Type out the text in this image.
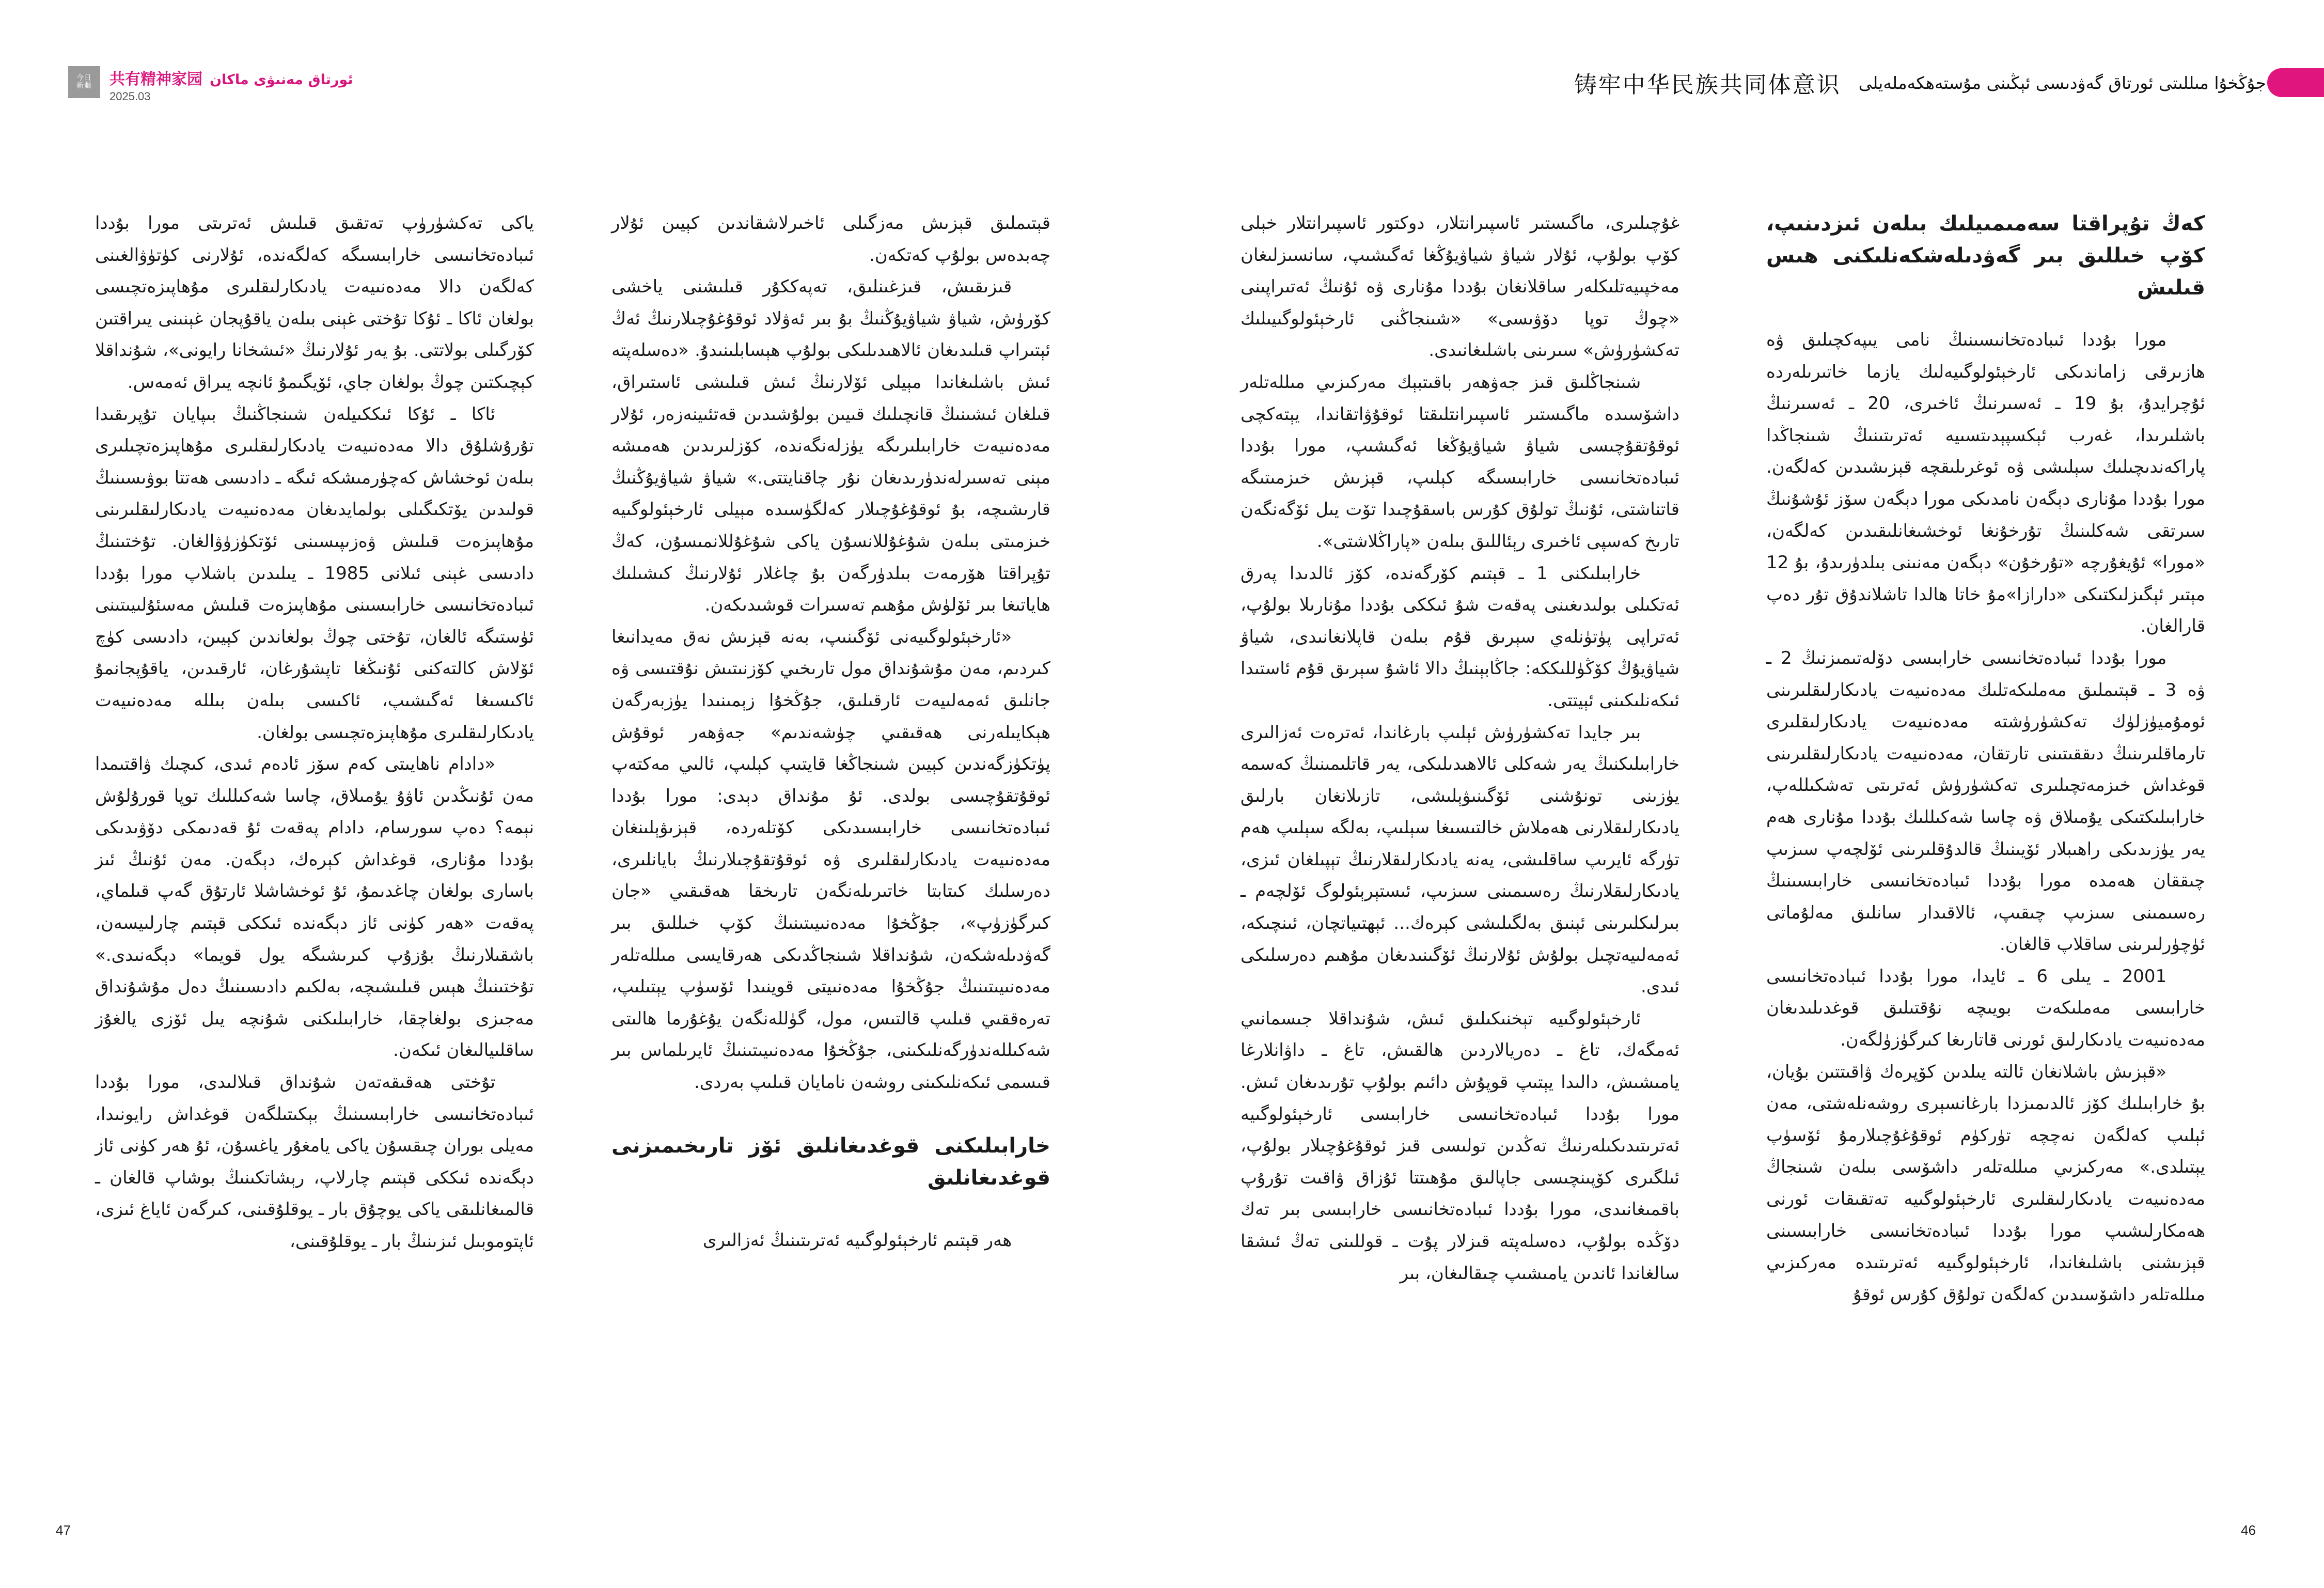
今日
新疆 共有精神家园 ئورتاق مەنىۋى ماكان
2025.03	铸牢中华民族共同体意识 جۇڭخۇا مىللىتى ئورتاق گەۋدىسى ئېڭىنى مۇستەھكەملەيلى
كەڭ تۇپراقتا سەمىمىيلىك بىلەن ئىزدىنىپ، كۆپ خىللىق بىر گەۋدىلەشكەنلىكنى ھىس قىلىش

مورا بۇددا ئىبادەتخانىسىنىڭ نامى يىپەكچىلىق ۋە ھازىرقى زاماندىكى ئارخېئولوگىيەلىك يازما خاتىرىلەردە ئۇچرايدۇ، بۇ 19 ـ ئەسىرنىڭ ئاخىرى، 20 ـ ئەسىرنىڭ باشلىرىدا، غەرب ئېكسپېدىتسىيە ئەترىتىنىڭ شىنجاڭدا پاراكەندىچىلىك سېلىشى ۋە ئوغرىلىقچە قېزىشىدىن كەلگەن. مورا بۇددا مۇنارى دېگەن نامدىكى مورا دېگەن سۆز ئۇشۇنىڭ سىرتقى شەكلىنىڭ تۇرخۇنغا ئوخشىغانلىقىدىن كەلگەن، «مورا» ئۇيغۇرچە «تۇرخۇن» دېگەن مەنىنى بىلدۈرىدۇ، بۇ 12 مېتىر ئېگىزلىكتىكى «دارازا»مۇ خاتا ھالدا تاشلاندۇق تۇر دەپ قارالغان.

مورا بۇددا ئىبادەتخانىسى خارابىسى دۆلەتىمىزنىڭ 2 ـ ۋە 3 ـ قېتىملىق مەملىكەتلىك مەدەنىيەت يادىكارلىقلىرىنى ئومۇميۈزلۈك تەكشۈرۈشتە مەدەنىيەت يادىكارلىقلىرى تارماقلىرىنىڭ دىققىتىنى تارتقان، مەدەنىيەت يادىكارلىقلىرىنى قوغداش خىزمەتچىلىرى تەكشۈرۈش ئەترىتى تەشكىللەپ، خارابىلىكتىكى يۇمىلاق ۋە چاسا شەكىللىك بۇددا مۇنارى ھەم يەر يۈزىدىكى راھىبلار ئۆيىنىڭ قالدۇقلىرىنى ئۆلچەپ سىزىپ چىققان ھەمدە مورا بۇددا ئىبادەتخانىسى خارابىسىنىڭ رەسىمىنى سىزىپ چىقىپ، ئالاقىدار سانلىق مەلۇماتى ئۈچۈرلىرىنى ساقلاپ قالغان.

2001 ـ يىلى 6 ـ ئايدا، مورا بۇددا ئىبادەتخانىسى خارابىسى مەملىكەت بويىچە نۇقتىلىق قوغدىلىدىغان مەدەنىيەت يادىكارلىق ئورنى قاتارىغا كىرگۈزۈلگەن.

«قېزىش باشلانغان ئالتە يىلدىن كۆپرەك ۋاقىتتىن بۇيان، بۇ خارابىلىك كۆز ئالدىمىزدا بارغانسېرى روشەنلەشتى، مەن ئېلىپ كەلگەن نەچچە تۈركۈم ئوقۇغۇچىلارمۇ ئۆسۈپ يېتىلدى.» مەركىزىي مىللەتلەر داشۆسى بىلەن شىنجاڭ مەدەنىيەت يادىكارلىقلىرى ئارخېئولوگىيە تەتقىقات ئورنى ھەمكارلىشىپ مورا بۇددا ئىبادەتخانىسى خارابىسىنى قېزىشنى باشلىغاندا، ئارخېئولوگىيە ئەترىتىدە مەركىزىي مىللەتلەر داشۆسىدىن كەلگەن تولۇق كۇرس ئوقۇ

غۇچىلىرى، ماگىستىر ئاسپىرانتلار، دوكتور ئاسپىرانتلار خېلى كۆپ بولۇپ، ئۇلار شياۋ شياۋيۇڭغا ئەگىشىپ، سانسىزلىغان مەخپىيەتلىكلەر ساقلانغان بۇددا مۇنارى ۋە ئۇنىڭ ئەتىراپىنى «چوڭ توپا دۆۋىسى» «شىنجاڭنى ئارخېئولوگىيىلىك تەكشۈرۈش» سىرىنى باشلىغانىدى.

شىنجاڭلىق قىز جەۋھەر باقىتبېك مەركىزىي مىللەتلەر داشۆسىدە ماگىستىر ئاسپىرانتلىقتا ئوقۇۋاتقاندا، يېتەكچى ئوقۇتقۇچىسى شياۋ شياۋيۇڭغا ئەگىشىپ، مورا بۇددا ئىبادەتخانىسى خارابىسىگە كېلىپ، قېزىش خىزمىتىگە قاتناشتى، ئۇنىڭ تولۇق كۇرس باسقۇچىدا تۆت يىل ئۆگەنگەن تارىخ كەسپى ئاخىرى رېئاللىق بىلەن «پاراڭلاشتى».

خارابىلىكنى 1 ـ قېتىم كۆرگەندە، كۆز ئالدىدا پەرق ئەتكىلى بولىدىغىنى پەقەت شۇ ئىككى بۇددا مۇنارىلا بولۇپ، ئەتراپى پۈتۈنلەي سېرىق قۇم بىلەن قاپلانغانىدى، شياۋ شياۋيۇڭ كۆڭۈللىككە: جاڭابېنىڭ دالا ئاشۇ سېرىق قۇم ئاستىدا ئىكەنلىكىنى ئېيتتى.

بىر جايدا تەكشۈرۈش ئېلىپ بارغاندا، ئەترەت ئەزالىرى خارابىلىكنىڭ يەر شەكلى ئالاھىدىلىكى، يەر قاتلىمىنىڭ كەسمە يۈزىنى تونۇشنى ئۆگىنىۋېلىشى، تازىلانغان بارلىق يادىكارلىقلارنى ھەملاش خالتىسىغا سېلىپ، بەلگە سېلىپ ھەم تۈرگە ئايرىپ ساقلىشى، يەنە يادىكارلىقلارنىڭ تېپىلغان ئىزى، يادىكارلىقلارنىڭ رەسىمىنى سىزىپ، ئىستېرېئولوگ ئۆلچەم ـ بىرلىكلىرىنى ئېنىق بەلگىلىشى كېرەك... ئېھتىياتچان، ئىنچىكە، ئەمەلىيەتچىل بولۇش ئۇلارنىڭ ئۆگىنىدىغان مۇھىم دەرسلىكى ئىدى.

ئارخېئولوگىيە تېخنىكىلىق ئىش، شۇنداقلا جىسمانىي ئەمگەك، تاغ ـ دەريالاردىن ھالقىش، تاغ ـ داۋانلارغا يامىشىش، دالىدا يېتىپ قوپۇش دائىم بولۇپ تۇرىدىغان ئىش. مورا بۇددا ئىبادەتخانىسى خارابىسى ئارخېئولوگىيە ئەترىتىدىكىلەرنىڭ تەڭدىن تولىسى قىز ئوقۇغۇچىلار بولۇپ، ئىلگىرى كۆپىنچىسى جاپالىق مۇھىتتا ئۇزاق ۋاقىت تۇرۇپ باقمىغانىدى، مورا بۇددا ئىبادەتخانىسى خارابىسى بىر تەك دۆڭدە بولۇپ، دەسلەپتە قىزلار پۇت ـ قوللىنى تەڭ ئىشقا سالغاندا ئاندىن يامىشىپ چىقالىغان، بىر

قېتىملىق قېزىش مەزگىلى ئاخىرلاشقاندىن كېيىن ئۇلار چەبدەس بولۇپ كەتكەن.

قىزىقىش، قىزغىنلىق، تەپەككۇر قىلىشنى ياخشى كۆرۈش، شياۋ شياۋيۇڭنىڭ بۇ بىر ئەۋلاد ئوقۇغۇچىلارنىڭ ئەڭ ئېتىراپ قىلىدىغان ئالاھىدىلىكى بولۇپ ھېسابلىنىدۇ. «دەسلەپتە ئىش باشلىغاندا مېيلى ئۆلارنىڭ ئىش قىلىشى ئاستىراق، قىلغان ئىشىنىڭ قانچىلىك قىيىن بولۇشىدىن قەتئىينەزەر، ئۇلار مەدەنىيەت خارابىلىرىگە يۈزلەنگەندە، كۆزلىرىدىن ھەمىشە مېنى تەسىرلەندۈرىدىغان نۇر چاقنايتتى.» شياۋ شياۋيۇڭنىڭ قارىشىچە، بۇ ئوقۇغۇچىلار كەلگۈسىدە مېيلى ئارخېئولوگىيە خىزمىتى بىلەن شۇغۇللانسۇن ياكى شۇغۇللانمىسۇن، كەڭ تۇپراقتا ھۆرمەت بىلدۈرگەن بۇ چاغلار ئۇلارنىڭ كىشىلىك ھاياتىغا بىر ئۆلۈش مۇھىم تەسىرات قوشىدىكەن.

«ئارخېئولوگىيەنى ئۆگىنىپ، بەنە قېزىش نەق مەيدانىغا كىردىم، مەن مۇشۇنداق مول تارىخىي كۆزنىتىش نۇقتىسى ۋە جانلىق ئەمەلىيەت ئارقىلىق، جۇڭخۇا زېمىنىدا يۈزبەرگەن ھېكايىلەرنى ھەقىقىي چۈشەندىم» جەۋھەر ئوقۇش پۈتكۈزگەندىن كېيىن شىنجاڭغا قايتىپ كېلىپ، ئالىي مەكتەپ ئوقۇتقۇچىسى بولدى. ئۇ مۇنداق دېدى: مورا بۇددا ئىبادەتخانىسى خارابىسىدىكى كۆتلەردە، قېزىۋېلىنغان مەدەنىيەت يادىكارلىقلىرى ۋە ئوقۇتقۇچىلارنىڭ بايانلىرى، دەرسلىك كىتابتا خاتىرىلەنگەن تارىخقا ھەقىقىي «جان كىرگۈزۈپ»، جۇڭخۇا مەدەنىيىتىنىڭ كۆپ خىللىق بىر گەۋدىلەشكەن، شۇنداقلا شىنجاڭدىكى ھەرقايسى مىللەتلەر مەدەنىيىتىنىڭ جۇڭخۇا مەدەنىيتى قوينىدا ئۆسۈپ يېتىلىپ، تەرەققىي قىلىپ قالتىس، مول، گۈللەنگەن يۇغۇرما ھالىتى شەكىللەندۈرگەنلىكىنى، جۇڭخۇا مەدەنىيىتىنىڭ ئايرىلماس بىر قىسمى ئىكەنلىكىنى روشەن نامايان قىلىپ بەردى.

خارابىلىكنى قوغدىغانلىق ئۆز تارىخىمىزنى قوغدىغانلىق

ھەر قېتىم ئارخېئولوگىيە ئەترىتىنىڭ ئەزالىرى

ياكى تەكشۈرۈپ تەتقىق قىلىش ئەترىتى مورا بۇددا ئىبادەتخانىسى خارابىسىگە كەلگەندە، ئۇلارنى كۈتۈۋالغىنى كەلگەن دالا مەدەنىيەت يادىكارلىقلىرى مۇھاپىزەتچىسى بولغان ئاكا ـ ئۇكا تۇختى غېنى بىلەن ياقۇپجان غېنىنى يىراقتىن كۆرگىلى بولاتتى. بۇ يەر ئۇلارنىڭ «ئىشخانا رايونى»، شۇنداقلا كېچىكتىن چوڭ بولغان جاي، ئۆيگىمۇ ئانچە يىراق ئەمەس.

ئاكا ـ ئۇكا ئىككىيلەن شىنجاڭنىڭ بىپايان تۇپرىقىدا تۇرۇشلۇق دالا مەدەنىيەت يادىكارلىقلىرى مۇھاپىزەتچىلىرى بىلەن ئوخشاش كەچۈرمىشكە ئىگە ـ دادىسى ھەتتا بوۋىسىنىڭ قولىدىن يۆتكىگىلى بولمايدىغان مەدەنىيەت يادىكارلىقلىرىنى مۇھاپىزەت قىلىش ۋەزىپىسىنى ئۆتكۈزۈۋالغان. تۇختىنىڭ دادىسى غېنى ئىلانى 1985 ـ يىلىدىن باشلاپ مورا بۇددا ئىبادەتخانىسى خارابىسىنى مۇھاپىزەت قىلىش مەسئۇلىيىتىنى ئۈستىگە ئالغان، تۇختى چوڭ بولغاندىن كېيىن، دادىسى كۈچ ئۆلاش كالتەكنى ئۇنىڭغا تاپشۇرغان، ئارقىدىن، ياقۇپجانمۇ ئاكىسىغا ئەگىشىپ، ئاكىسى بىلەن بىللە مەدەنىيەت يادىكارلىقلىرى مۇھاپىزەتچىسى بولغان.

«دادام ناھايىتى كەم سۆز ئادەم ئىدى، كىچىك ۋاقتىمدا مەن ئۇنىڭدىن ئاۋۇ يۇمىلاق، چاسا شەكىللىك توپا قورۇلۇش نېمە؟ دەپ سورسام، دادام پەقەت ئۇ قەدىمكى دۆۋىدىكى بۇددا مۇنارى، قوغداش كېرەك، دېگەن. مەن ئۇنىڭ ئىز باسارى بولغان چاغدىمۇ، ئۇ ئوخشاشلا ئارتۇق گەپ قىلماي، پەقەت «ھەر كۈنى ئاز دېگەندە ئىككى قېتىم چارلىيسەن، باشقىلارنىڭ بۇزۇپ كىرىشىگە يول قويما» دېگەنىدى.» تۇختىنىڭ ھېس قىلىشىچە، بەلكىم دادىسىنىڭ دەل مۇشۇنداق مەجىزى بولغاچقا، خارابىلىكنى شۇنچە يىل ئۆزى يالغۇز ساقلىيالىغان ئىكەن.

تۇختى ھەقىقەتەن شۇنداق قىلالىدى، مورا بۇددا ئىبادەتخانىسى خارابىسىنىڭ بېكىتىلگەن قوغداش رايونىدا، مەيلى بوران چىقسۇن ياكى يامغۇر ياغسۇن، ئۇ ھەر كۈنى ئاز دېگەندە ئىككى قېتىم چارلاپ، رېشاتكىنىڭ بوشاپ قالغان ـ قالمىغانلىقى ياكى يوچۇق بار ـ يوقلۇقىنى، كىرگەن ئاياغ ئىزى، ئاپتوموبىل ئىزىنىڭ بار ـ يوقلۇقىنى،

47	46
